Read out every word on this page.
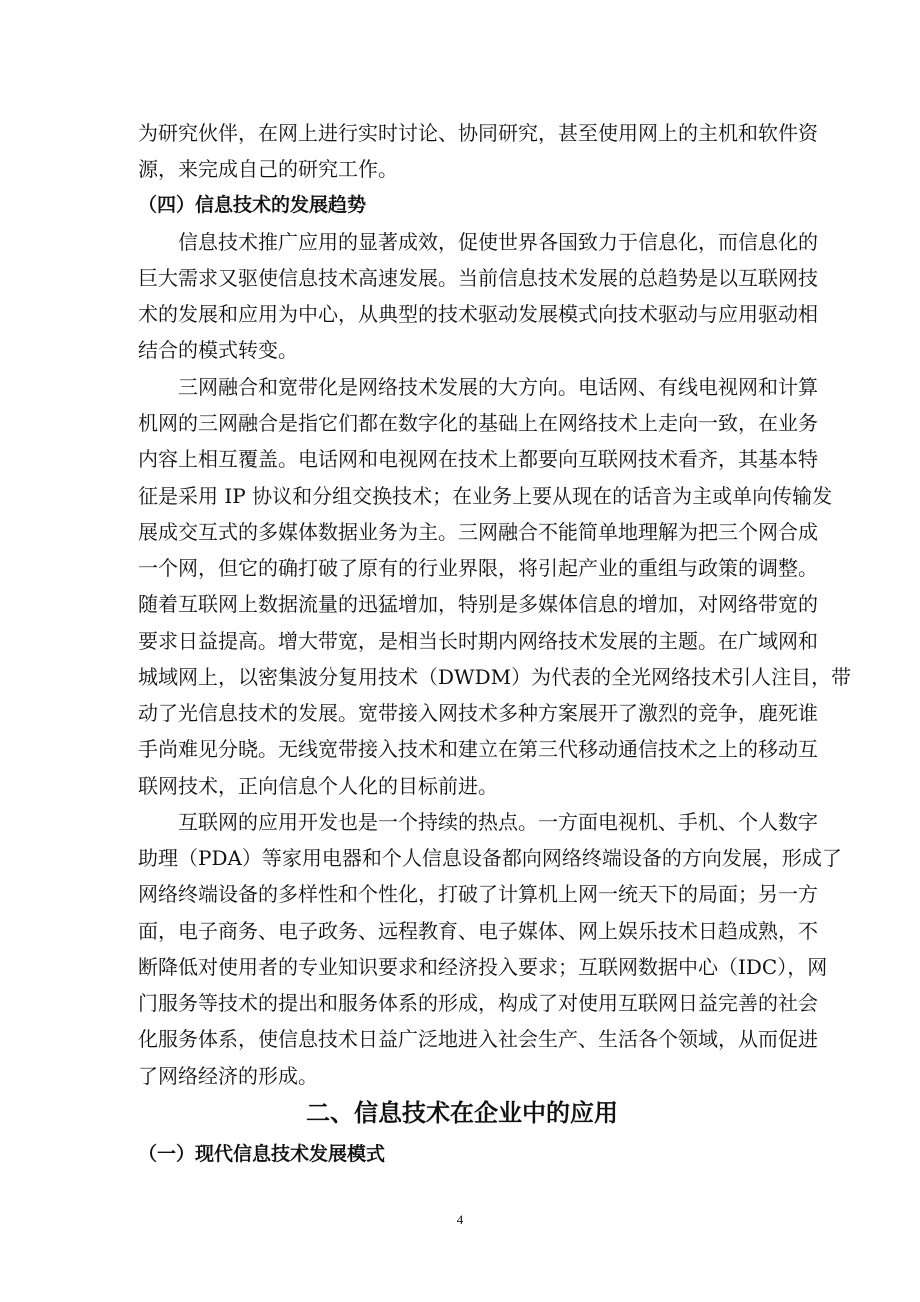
为研究伙伴，在网上进行实时讨论、协同研究，甚至使用网上的主机和软件资
源，来完成自己的研究工作。
（四）信息技术的发展趋势
信息技术推广应用的显著成效，促使世界各国致力于信息化，而信息化的
巨大需求又驱使信息技术高速发展。当前信息技术发展的总趋势是以互联网技
术的发展和应用为中心，从典型的技术驱动发展模式向技术驱动与应用驱动相
结合的模式转变。
三网融合和宽带化是网络技术发展的大方向。电话网、有线电视网和计算
机网的三网融合是指它们都在数字化的基础上在网络技术上走向一致，在业务
内容上相互覆盖。电话网和电视网在技术上都要向互联网技术看齐，其基本特
征是采用 IP 协议和分组交换技术；在业务上要从现在的话音为主或单向传输发
展成交互式的多媒体数据业务为主。三网融合不能简单地理解为把三个网合成
一个网，但它的确打破了原有的行业界限，将引起产业的重组与政策的调整。
随着互联网上数据流量的迅猛增加，特别是多媒体信息的增加，对网络带宽的
要求日益提高。增大带宽，是相当长时期内网络技术发展的主题。在广域网和
城域网上，以密集波分复用技术（DWDM）为代表的全光网络技术引人注目，带
动了光信息技术的发展。宽带接入网技术多种方案展开了激烈的竞争，鹿死谁
手尚难见分晓。无线宽带接入技术和建立在第三代移动通信技术之上的移动互
联网技术，正向信息个人化的目标前进。
互联网的应用开发也是一个持续的热点。一方面电视机、手机、个人数字
助理（PDA）等家用电器和个人信息设备都向网络终端设备的方向发展，形成了
网络终端设备的多样性和个性化，打破了计算机上网一统天下的局面；另一方
面，电子商务、电子政务、远程教育、电子媒体、网上娱乐技术日趋成熟，不
断降低对使用者的专业知识要求和经济投入要求；互联网数据中心（IDC），网
门服务等技术的提出和服务体系的形成，构成了对使用互联网日益完善的社会
化服务体系，使信息技术日益广泛地进入社会生产、生活各个领域，从而促进
了网络经济的形成。
二、信息技术在企业中的应用
（一）现代信息技术发展模式
4
